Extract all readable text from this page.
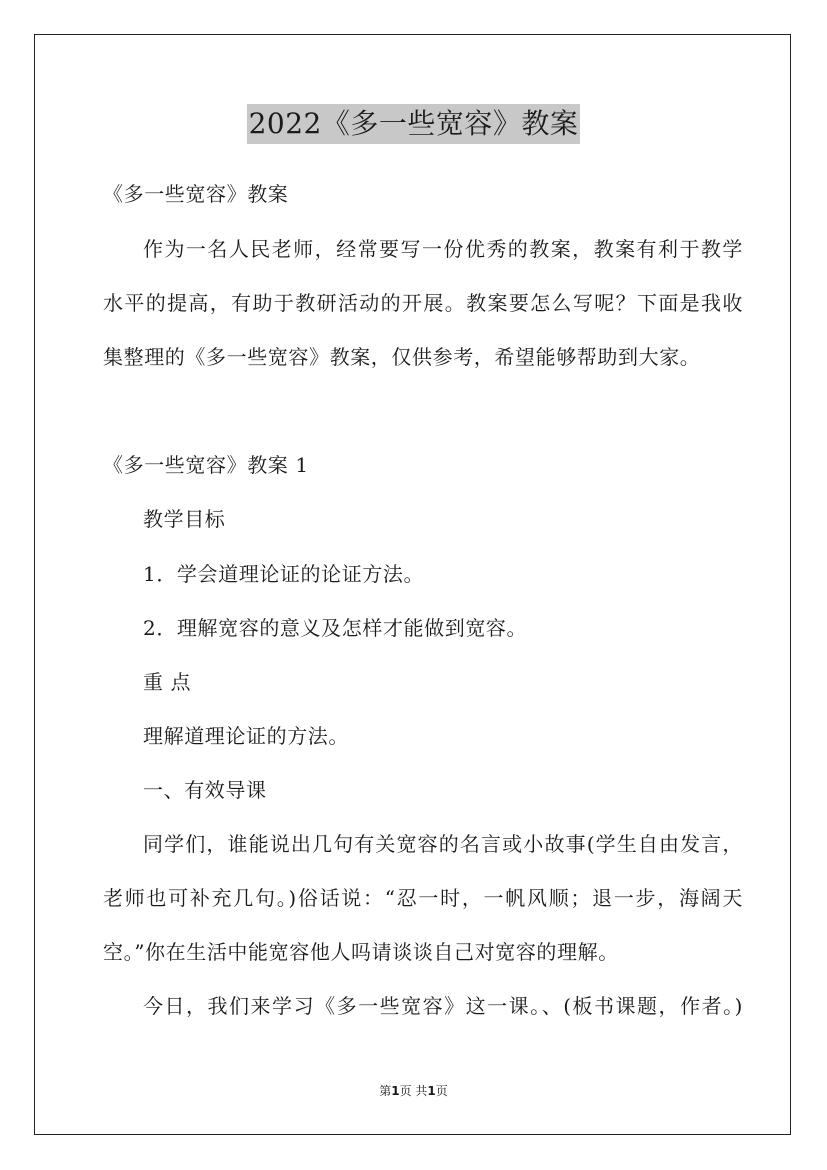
2022《多一些宽容》教案
《多一些宽容》教案
作为一名人民老师，经常要写一份优秀的教案，教案有利于教学
水平的提高，有助于教研活动的开展。教案要怎么写呢？下面是我收
集整理的《多一些宽容》教案，仅供参考，希望能够帮助到大家。
《多一些宽容》教案 1
教学目标
1．学会道理论证的论证方法。
2．理解宽容的意义及怎样才能做到宽容。
重 点
理解道理论证的方法。
一、有效导课
同学们，谁能说出几句有关宽容的名言或小故事(学生自由发言，
老师也可补充几句。)俗话说：“忍一时，一帆风顺；退一步，海阔天
空。”你在生活中能宽容他人吗请谈谈自己对宽容的理解。
今日，我们来学习《多一些宽容》这一课。、(板书课题，作者。)
第1页 共1页
